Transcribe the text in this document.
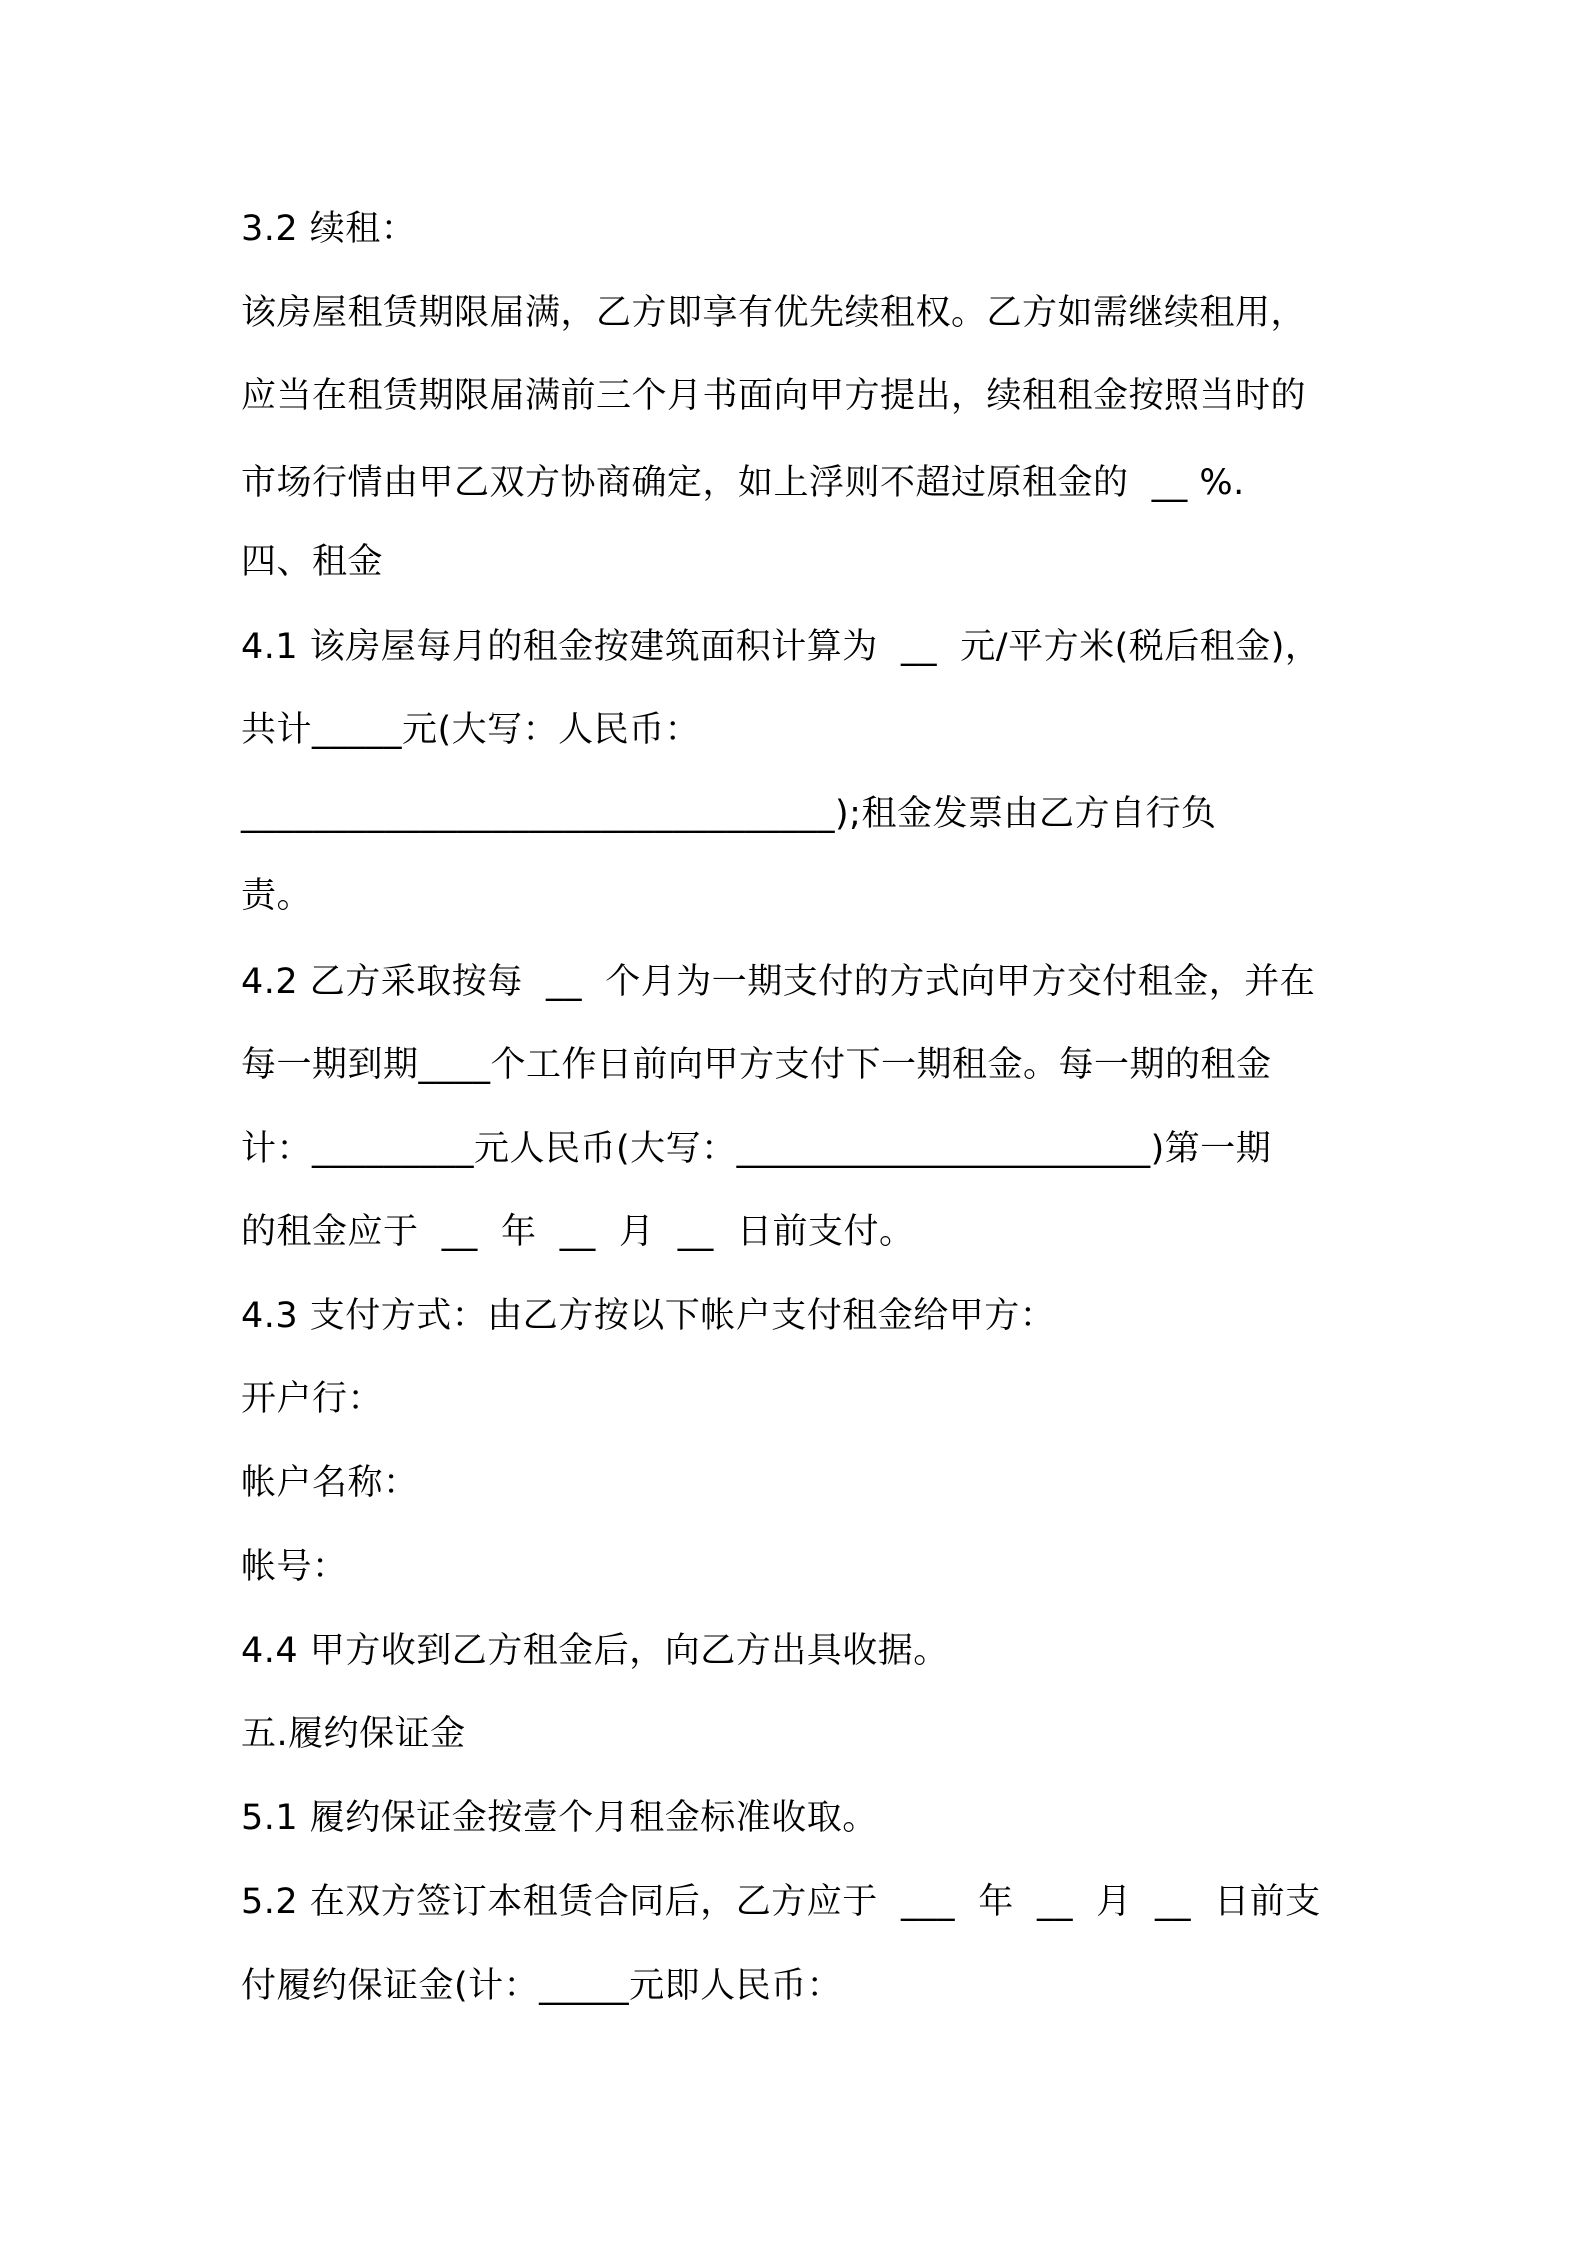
3.2 续租：
该房屋租赁期限届满，乙方即享有优先续租权。乙方如需继续租用，
应当在租赁期限届满前三个月书面向甲方提出，续租租金按照当时的
市场行情由甲乙双方协商确定，如上浮则不超过原租金的  __ %.
四、租金
4.1 该房屋每月的租金按建筑面积计算为  __  元/平方米(税后租金)，
共计_____元(大写：人民币：
_________________________________);租金发票由乙方自行负
责。
4.2 乙方采取按每  __  个月为一期支付的方式向甲方交付租金，并在
每一期到期____个工作日前向甲方支付下一期租金。每一期的租金
计：_________元人民币(大写：_______________________)第一期
的租金应于  __  年  __  月  __  日前支付。
4.3 支付方式：由乙方按以下帐户支付租金给甲方：
开户行：
帐户名称：
帐号：
4.4 甲方收到乙方租金后，向乙方出具收据。
五.履约保证金
5.1 履约保证金按壹个月租金标准收取。
5.2 在双方签订本租赁合同后，乙方应于  ___  年  __  月  __  日前支
付履约保证金(计：_____元即人民币：
